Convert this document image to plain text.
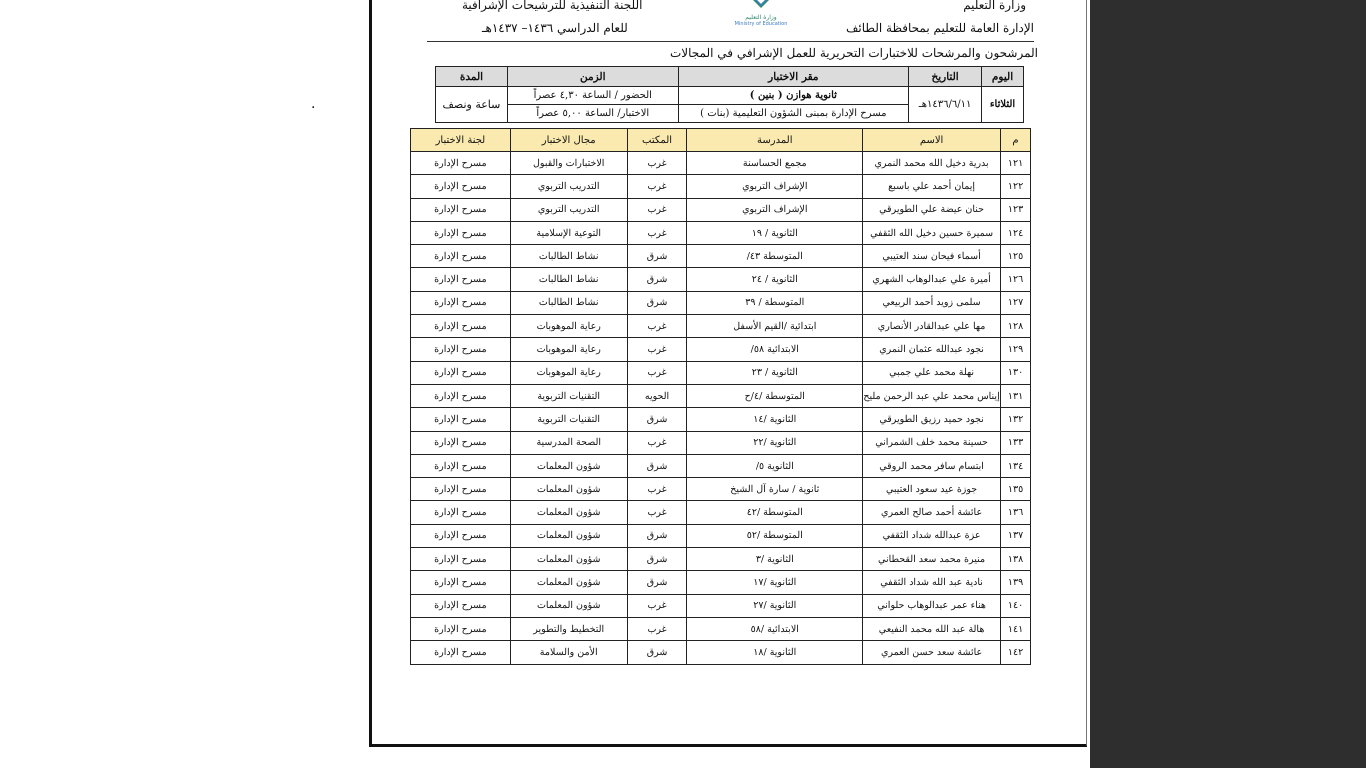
.
وزارة التعليم
الإدارة العامة للتعليم بمحافظة الطائف
اللجنة التنفيذية للترشيحات الإشرافية
للعام الدراسي ١٤٣٦– ١٤٣٧هـ
وزارة التعليم
Ministry of Education
المرشحون والمرشحات للاختبارات التحريرية للعمل الإشرافي في المجالات
اليوم	التاريخ	مقر الاختبار	الزمن	المدة
الثلاثاء	١٤٣٦/٦/١١هـ	ثانوية هوازن ( بنين )	الحضور / الساعة ٤,٣٠ عصراً	ساعة ونصف
		مسرح الإدارة بمبنى الشؤون التعليمية (بنات )	الاختبار/ الساعة ٥,٠٠ عصراً	
م	الاسم	المدرسة	المكتب	مجال الاختبار	لجنة الاختبار
١٢١	بدرية دخيل الله محمد النمري	مجمع الحساسنة	غرب	الاختبارات والقبول	مسرح الإدارة
١٢٢	إيمان أحمد علي باسبع	الإشراف التربوي	غرب	التدريب التربوي	مسرح الإدارة
١٢٣	حنان عيضة علي الطويرقي	الإشراف التربوي	غرب	التدريب التربوي	مسرح الإدارة
١٢٤	سميرة حسين دخيل الله الثقفي	الثانوية / ١٩	غرب	التوعية الإسلامية	مسرح الإدارة
١٢٥	أسماء فيحان سند العتيبي	المتوسطة ٤٣/	شرق	نشاط الطالبات	مسرح الإدارة
١٢٦	أميرة علي عبدالوهاب الشهري	الثانوية / ٢٤	شرق	نشاط الطالبات	مسرح الإدارة
١٢٧	سلمى زويد أحمد الربيعي	المتوسطة / ٣٩	شرق	نشاط الطالبات	مسرح الإدارة
١٢٨	مها علي عبدالقادر الأنصاري	ابتدائية /القيم الأسفل	غرب	رعاية الموهوبات	مسرح الإدارة
١٢٩	نجود عبدالله عثمان النمري	الابتدائية ٥٨/	غرب	رعاية الموهوبات	مسرح الإدارة
١٣٠	نهلة محمد علي جمبي	الثانوية / ٢٣	غرب	رعاية الموهوبات	مسرح الإدارة
١٣١	إيناس محمد علي عبد الرحمن مليح	المتوسطة /٤/ح	الحويه	التقنيات التربوية	مسرح الإدارة
١٣٢	نجود حميد رزيق الطويرقي	الثانوية /١٤	شرق	التقنيات التربوية	مسرح الإدارة
١٣٣	حسينة محمد خلف الشمراني	الثانوية /٢٢	غرب	الصحة المدرسية	مسرح الإدارة
١٣٤	ابتسام سافر محمد الروقي	الثانوية ٥/	شرق	شؤون المعلمات	مسرح الإدارة
١٣٥	جوزة عيد سعود العتيبي	ثانوية / سارة آل الشيخ	غرب	شؤون المعلمات	مسرح الإدارة
١٣٦	عائشة أحمد صالح العمري	المتوسطة /٤٢	غرب	شؤون المعلمات	مسرح الإدارة
١٣٧	عزة عبدالله شداد الثقفي	المتوسطة /٥٢	شرق	شؤون المعلمات	مسرح الإدارة
١٣٨	منيرة محمد سعد القحطاني	الثانوية /٣	شرق	شؤون المعلمات	مسرح الإدارة
١٣٩	نادية عبد الله شداد الثقفي	الثانوية /١٧	شرق	شؤون المعلمات	مسرح الإدارة
١٤٠	هناء عمر عبدالوهاب حلواني	الثانوية /٢٧	غرب	شؤون المعلمات	مسرح الإدارة
١٤١	هالة عبد الله محمد النفيعي	الابتدائية /٥٨	غرب	التخطيط والتطوير	مسرح الإدارة
١٤٢	عائشة سعد حسن العمري	الثانوية /١٨	شرق	الأمن والسلامة	مسرح الإدارة
